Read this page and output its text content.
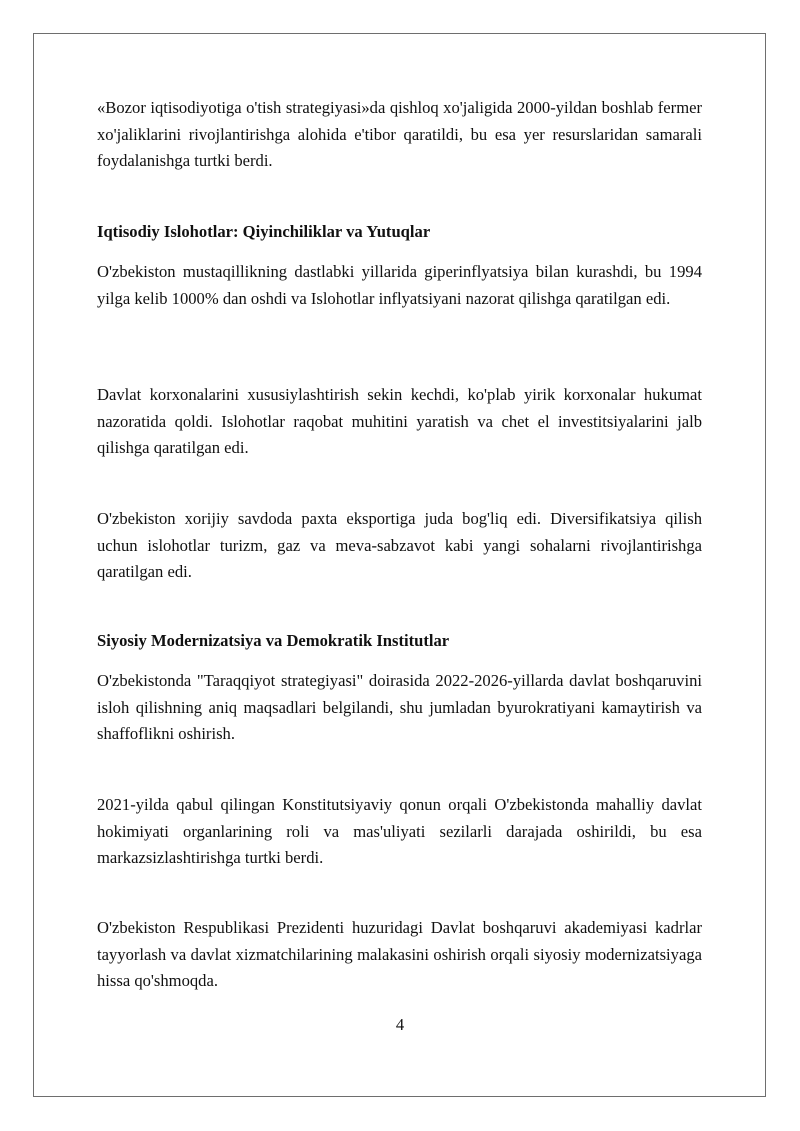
«Bozor iqtisodiyotiga o'tish strategiyasi»da qishloq xo'jaligida 2000-yildan boshlab fermer xo'jaliklarini rivojlantirishga alohida e'tibor qaratildi, bu esa yer resurslaridan samarali foydalanishga turtki berdi.

Iqtisodiy Islohotlar: Qiyinchiliklar va Yutuqlar

O'zbekiston mustaqillikning dastlabki yillarida giperinflyatsiya bilan kurashdi, bu 1994 yilga kelib 1000% dan oshdi va Islohotlar inflyatsiyani nazorat qilishga qaratilgan edi.

Davlat korxonalarini xususiylashtirish sekin kechdi, ko'plab yirik korxonalar hukumat nazoratida qoldi. Islohotlar raqobat muhitini yaratish va chet el investitsiyalarini jalb qilishga qaratilgan edi.

O'zbekiston xorijiy savdoda paxta eksportiga juda bog'liq edi. Diversifikatsiya qilish uchun islohotlar turizm, gaz va meva-sabzavot kabi yangi sohalarni rivojlantirishga qaratilgan edi.

Siyosiy Modernizatsiya va Demokratik Institutlar

O'zbekistonda "Taraqqiyot strategiyasi" doirasida 2022-2026-yillarda davlat boshqaruvini isloh qilishning aniq maqsadlari belgilandi, shu jumladan byurokratiyani kamaytirish va shaffoflikni oshirish.

2021-yilda qabul qilingan Konstitutsiyaviy qonun orqali O'zbekistonda mahalliy davlat hokimiyati organlarining roli va mas'uliyati sezilarli darajada oshirildi, bu esa markazsizlashtirishga turtki berdi.

O'zbekiston Respublikasi Prezidenti huzuridagi Davlat boshqaruvi akademiyasi kadrlar tayyorlash va davlat xizmatchilarining malakasini oshirish orqali siyosiy modernizatsiyaga hissa qo'shmoqda.

4
